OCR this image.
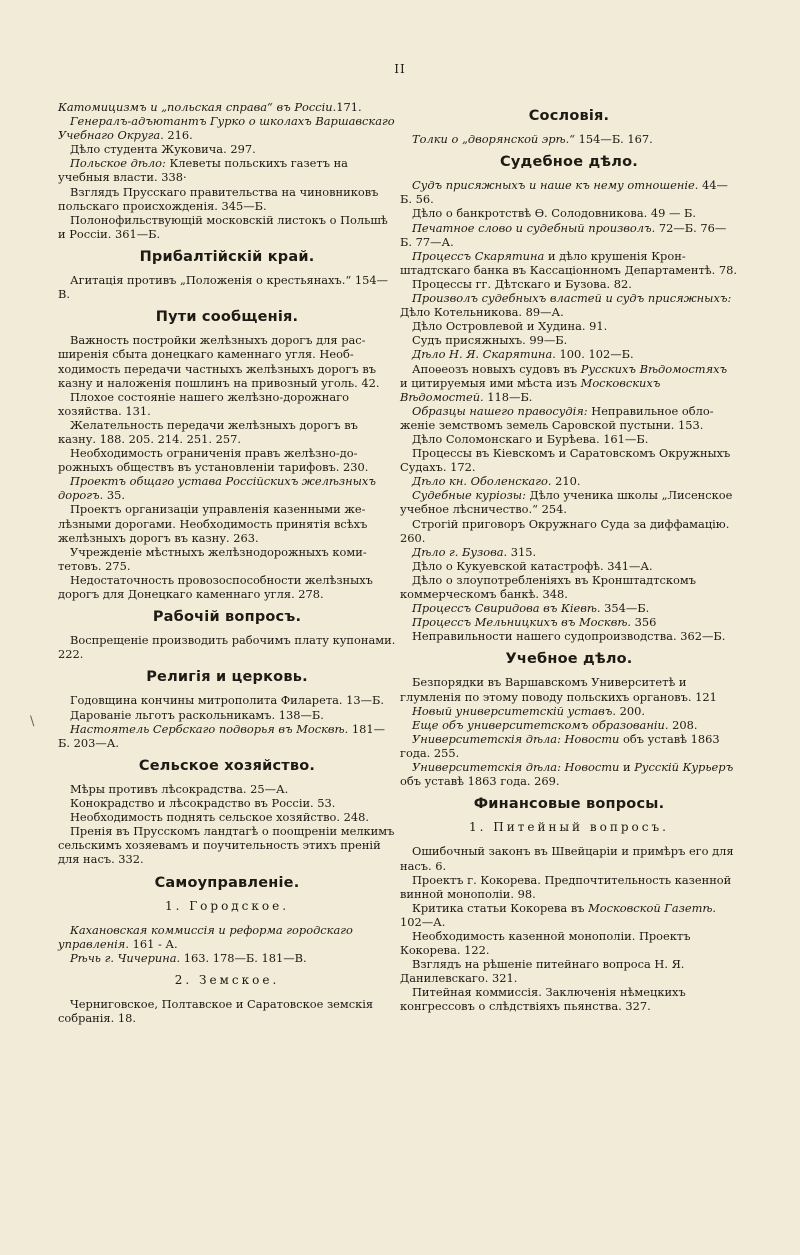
II
\
Катомицизмъ и „польская справа“ въ Россіи.171.
Генералъ-адъютантъ Гурко о школахъ Варшавскаго Учебнаго Округа. 216.
Дѣло студента Жуковича. 297.
Польское дѣло: Клеветы польскихъ газетъ на учебныя власти. 338·
Взглядъ Прусскаго правительства на чиновниковъ польскаго происхожденія. 345—Б.
Полонофильствующій московскій листокъ о Польшѣ и Россіи. 361—Б.
Прибалтійскій край.
Агитація противъ „Положенія о крестьянахъ.“ 154—В.
Пути сообщенія.
Важность постройки желѣзныхъ дорогъ для расширенія сбыта донецкаго каменнаго угля. Необходимость передачи частныхъ желѣзныхъ дорогъ въ казну и наложенія пошлинъ на привозный уголь. 42.
Плохое состояніе нашего желѣзно-дорожнаго хозяйства. 131.
Желательность передачи желѣзныхъ дорогъ въ казну. 188. 205. 214. 251. 257.
Необходимость ограниченія правъ желѣзно-дорожныхъ обществъ въ установленіи тарифовъ. 230.
Проектъ общаго устава Россійскихъ желѣзныхъ дорогъ. 35.
Проектъ организаціи управленія казенными желѣзными дорогами. Необходимость принятія всѣхъ желѣзныхъ дорогъ въ казну. 263.
Учрежденіе мѣстныхъ желѣзнодорожныхъ комитетовъ. 275.
Недостаточность провозоспособности желѣзныхъ дорогъ для Донецкаго каменнаго угля. 278.
Рабочій вопросъ.
Воспрещеніе производить рабочимъ плату купонами. 222.
Религія и церковь.
Годовщина кончины митрополита Филарета. 13—Б.
Дарованіе льготъ раскольникамъ. 138—Б.
Настоятель Сербскаго подворья въ Москвѣ. 181—Б. 203—А.
Сельское хозяйство.
Мѣры противъ лѣсокрадства. 25—А.
Конокрадство и лѣсокрадство въ Россіи. 53.
Необходимость поднять сельское хозяйство. 248.
Пренія въ Прусскомъ ландтагѣ о поощреніи мелкимъ сельскимъ хозяевамъ и поучительность этихъ преній для насъ. 332.
Самоуправленіе.
1. Городское.
Кахановская коммиссія и реформа городскаго управленія. 161 - А.
Рѣчь г. Чичерина. 163. 178—Б. 181—В.
2. Земское.
Черниговское, Полтавское и Саратовское земскія собранія. 18.
Сословія.
Толки о „дворянской эрѣ.“ 154—Б. 167.
Судебное дѣло.
Судъ присяжныхъ и наше къ нему отношеніе. 44—Б. 56.
Дѣло о банкротствѣ Ѳ. Солодовникова. 49 — Б.
Печатное слово и судебный произволъ. 72—Б. 76—Б. 77—А.
Процессъ Скарятина и дѣло крушенія Кронштадтскаго банка въ Кассаціонномъ Департаментѣ. 78.
Процессы гг. Дѣтскаго и Бузова. 82.
Произволъ судебныхъ властей и судъ присяжныхъ: Дѣло Котельникова. 89—А.
Дѣло Островлевой и Худина. 91.
Судъ присяжныхъ. 99—Б.
Дѣло Н. Я. Скарятина. 100. 102—Б.
Апоѳеозъ новыхъ судовъ въ Русскихъ Вѣдомостяхъ и цитируемыя ими мѣста изъ Московскихъ Вѣдомостей. 118—Б.
Образцы нашего правосудія: Неправильное обложеніе земствомъ земель Саровской пустыни. 153.
Дѣло Соломонскаго и Бурѣева. 161—Б.
Процессы въ Кіевскомъ и Саратовскомъ Окружныхъ Судахъ. 172.
Дѣло кн. Оболенскаго. 210.
Судебные куріозы: Дѣло ученика школы „Лисенское учебное лѣсничество.“ 254.
Строгій приговоръ Окружнаго Суда за диффамацію. 260.
Дѣло г. Бузова. 315.
Дѣло о Кукуевской катастрофѣ. 341—А.
Дѣло о злоупотребленіяхъ въ Кронштадтскомъ коммерческомъ банкѣ. 348.
Процессъ Свиридова въ Кіевѣ. 354—Б.
Процессъ Мельницкихъ въ Москвѣ. 356
Неправильности нашего судопроизводства. 362—Б.
Учебное дѣло.
Безпорядки въ Варшавскомъ Университетѣ и глумленія по этому поводу польскихъ органовъ. 121
Новый университетскій уставъ. 200.
Еще объ университетскомъ образованіи. 208.
Университетскія дѣла: Новости объ уставѣ 1863 года. 255.
Университетскія дѣла: Новости и Русскій Курьеръ объ уставѣ 1863 года. 269.
Финансовые вопросы.
1. Питейный вопросъ.
Ошибочный законъ въ Швейцаріи и примѣръ его для насъ. 6.
Проектъ г. Кокорева. Предпочтительность казенной винной монополіи. 98.
Критика статьи Кокорева въ Московской Газетѣ. 102—А.
Необходимость казенной монополіи. Проектъ Кокорева. 122.
Взглядъ на рѣшеніе питейнаго вопроса Н. Я. Данилевскаго. 321.
Питейная коммиссія. Заключенія нѣмецкихъ конгрессовъ о слѣдствіяхъ пьянства. 327.
